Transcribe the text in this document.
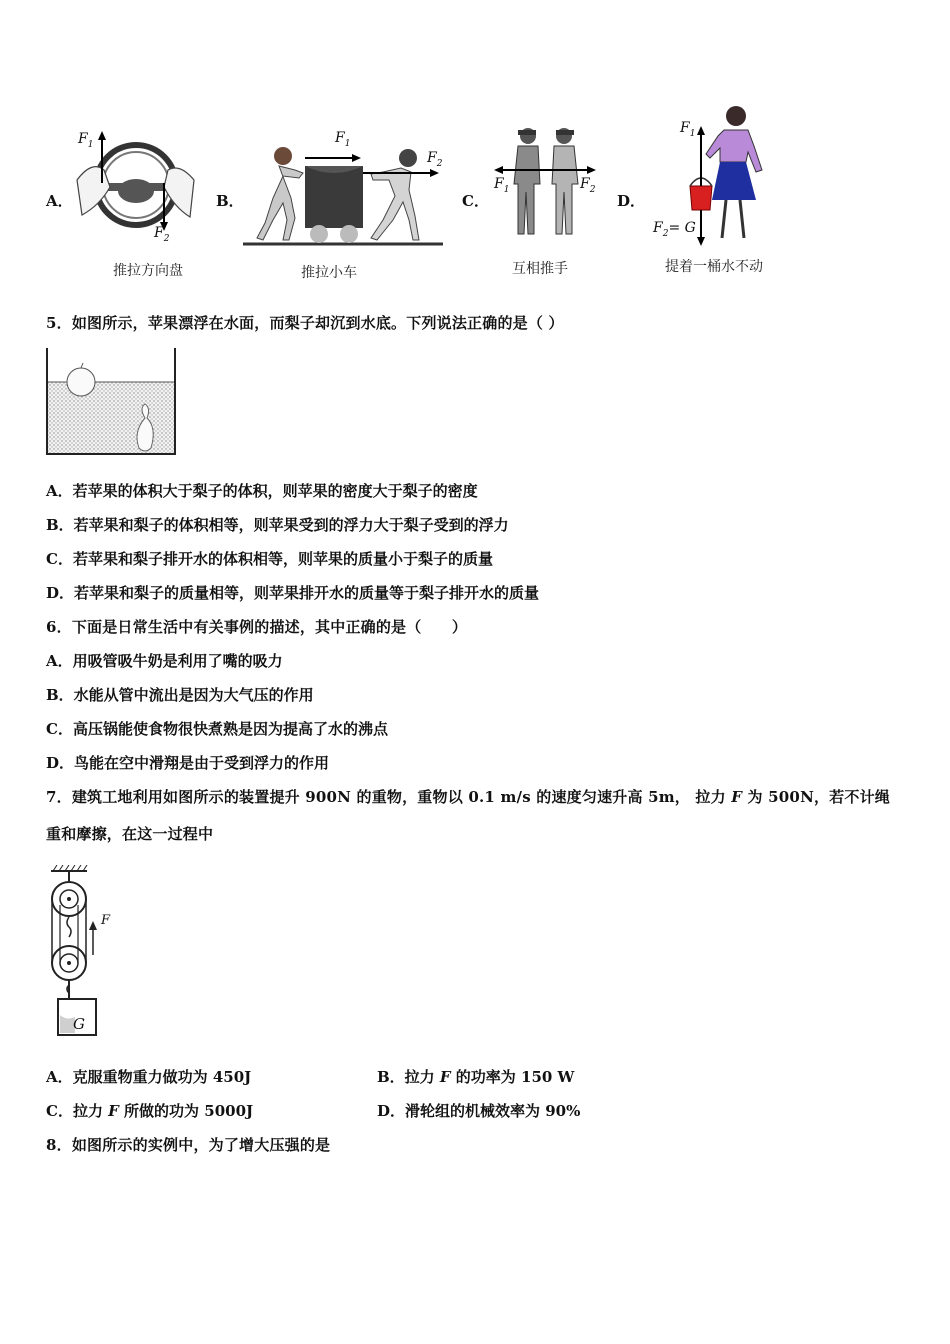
A．	B．	C．	D．
$F_1$
$F_2$
推拉方向盘
$F_1$
$F_2$
推拉小车
$F_1$	$F_2$
互相推手
$F_1$
$F_2= G$
提着一桶水不动
5．如图所示，苹果漂浮在水面，而梨子却沉到水底。下列说法正确的是（ ）
A．若苹果的体积大于梨子的体积，则苹果的密度大于梨子的密度
B．若苹果和梨子的体积相等，则苹果受到的浮力大于梨子受到的浮力
C．若苹果和梨子排开水的体积相等，则苹果的质量小于梨子的质量
D．若苹果和梨子的质量相等，则苹果排开水的质量等于梨子排开水的质量
6．下面是日常生活中有关事例的描述，其中正确的是（　　）
A．用吸管吸牛奶是利用了嘴的吸力
B．水能从管中流出是因为大气压的作用
C．高压锅能使食物很快煮熟是因为提高了水的沸点
D．鸟能在空中滑翔是由于受到浮力的作用
7．建筑工地利用如图所示的装置提升 900N 的重物，重物以 0.1 m/s 的速度匀速升高 5m， 拉力 F 为 500N，若不计绳
重和摩擦，在这一过程中
F
G
A．克服重物重力做功为 450J	B．拉力 F 的功率为 150 W
C．拉力 F 所做的功为 5000J	D．滑轮组的机械效率为 90%
8．如图所示的实例中，为了增大压强的是
